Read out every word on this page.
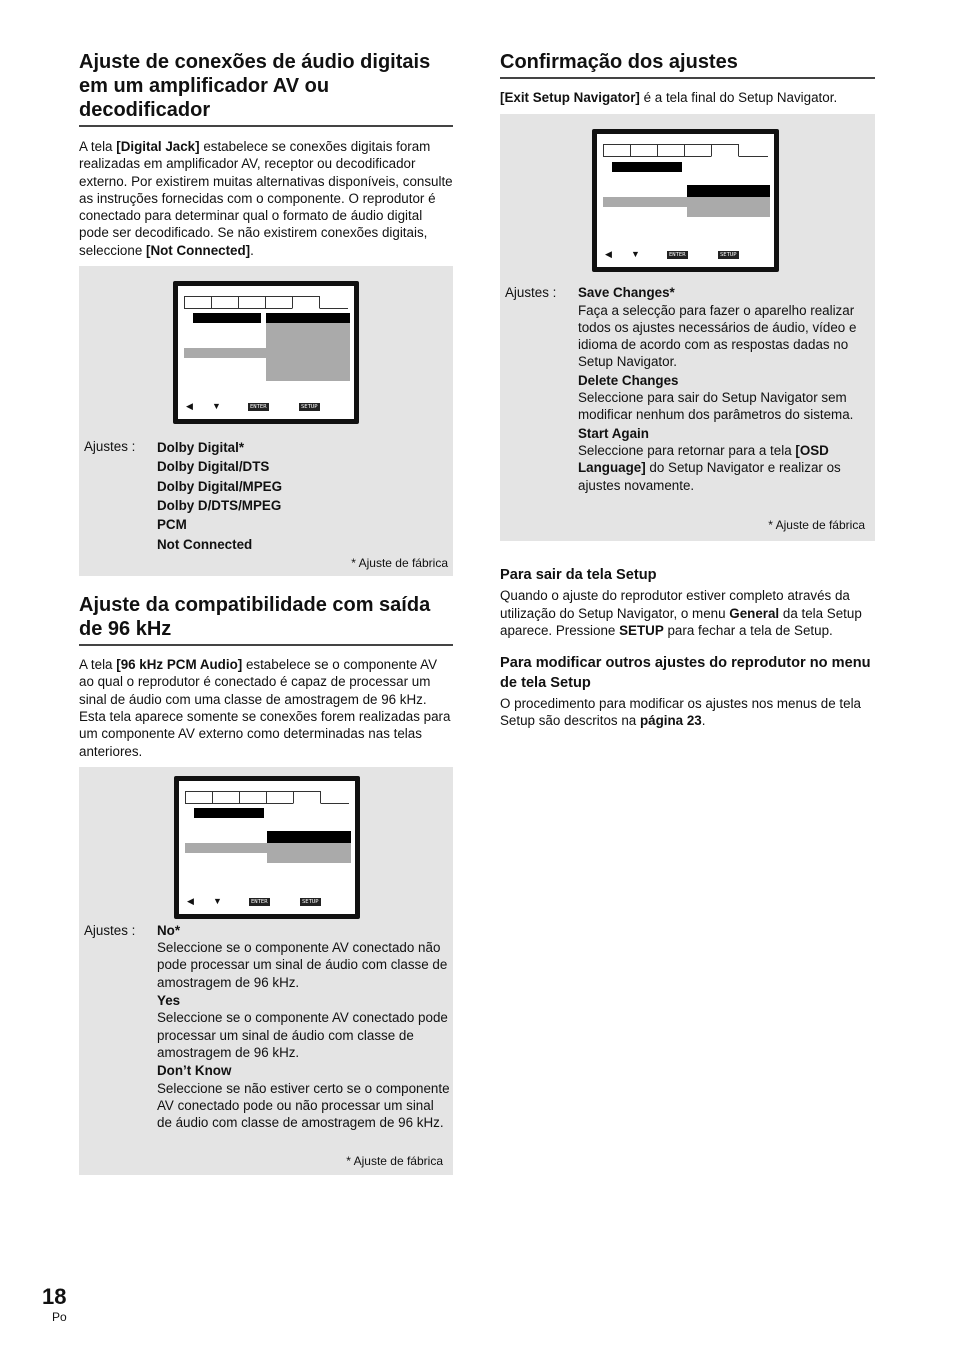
Ajuste de conexões de áudio digitais em um amplificador AV ou decodificador

A tela [Digital Jack] estabelece se conexões digitais foram realizadas em amplificador AV, receptor ou decodificador externo. Por existirem muitas alternativas disponíveis, consulte as instruções fornecidas com o componente. O reprodutor é conectado para determinar qual o formato de áudio digital pode ser decodificado. Se não existirem conexões digitais, seleccione [Not Connected].

◀ ▼	ENTER	SETUP
Ajustes : Dolby Digital*
Dolby Digital/DTS
Dolby Digital/MPEG
Dolby D/DTS/MPEG
PCM
Not Connected
* Ajuste de fábrica
Ajuste da compatibilidade com saída de 96 kHz

A tela [96 kHz PCM Audio] estabelece se o componente AV ao qual o reprodutor é conectado é capaz de processar um sinal de áudio com uma classe de amostragem de 96 kHz. Esta tela aparece somente se conexões forem realizadas para um componente AV externo como determinadas nas telas anteriores.

◀ ▼	ENTER	SETUP
Ajustes : No*
Seleccione se o componente AV conectado não pode processar um sinal de áudio com classe de amostragem de 96 kHz.
Yes
Seleccione se o componente AV conectado pode processar um sinal de áudio com classe de amostragem de 96 kHz.
Don’t Know
Seleccione se não estiver certo se o componente AV conectado pode ou não processar um sinal de áudio com classe de amostragem de 96 kHz.
* Ajuste de fábrica
Confirmação dos ajustes

[Exit Setup Navigator] é a tela final do Setup Navigator.

◀ ▼	ENTER	SETUP
Ajustes : Save Changes*
Faça a selecção para fazer o aparelho realizar todos os ajustes necessários de áudio, vídeo e idioma de acordo com as respostas dadas no Setup Navigator.
Delete Changes
Seleccione para sair do Setup Navigator sem modificar nenhum dos parâmetros do sistema.
Start Again
Seleccione para retornar para a tela [OSD Language] do Setup Navigator e realizar os ajustes novamente.
* Ajuste de fábrica
Para sair da tela Setup

Quando o ajuste do reprodutor estiver completo através da utilização do Setup Navigator, o menu General da tela Setup aparece. Pressione SETUP para fechar a tela de Setup.

Para modificar outros ajustes do reprodutor no menu de tela Setup

O procedimento para modificar os ajustes nos menus de tela Setup são descritos na página 23.

18
Po
